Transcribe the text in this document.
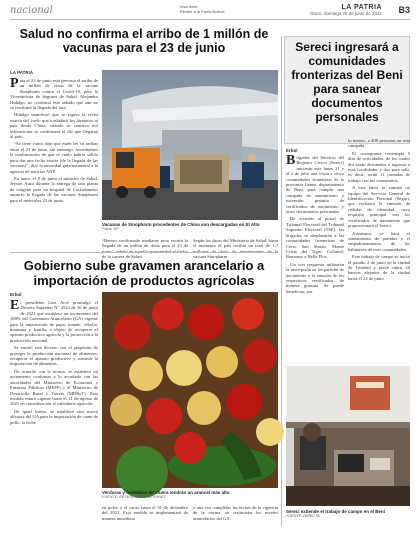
nacional	Inscríbete
Recibe a la Patria Bolivia
LA PATRIA
Oruro, domingo 20 de junio de 2021 B3
Salud no confirma el arribo de 1 millón de vacunas para el 23 de junio
LA PATRIA

Para el 23 de junio está prevista el arribo de un millón de dosis de la vacuna Sinopharm contra el Covid-19, pero la Viceministra de Seguros de Salud, Alejandra Hidalgo, no confirmó este sábado que aún no se confirmó la llegada del lote.

Hidalgo manifestó que se espera la fecha exacta del vuelo que trasladará los fármacos al país desde China, cuando se conozca esa información se confirmará el día que llegarán al país.

“Se tiene como dato que estén les va arribar entre el 23 de junio, sin embargo, necesitamos la confirmación de que el vuelo habría salido para dar una fecha exacta (de la llegada de las vacunas)”, dijo la autoridad gubernamental a la agencia de noticias ANF.

En tanto, el 8 de junio el ministro de Salud, Jeyson Auza durante la entrega de una planta de oxígeno para un hospital de Cochabamba, anunció la llegada de las vacunas Sinopharm para el miércoles 23 de junio.

Vacunas de Sinopharm procedentes de China son descargadas en El Alto
Fotos: AP

“Hemos confirmado mediante nota escrita la llegada de un millón de dosis para el 23 de de la cartera de Salud.

Según los datos del Ministerio de Salud, hasta el momento el país recibió un total de 1,7 vacuna Sinopharm.

Sereci ingresará a comunidades fronterizas del Beni para sanear documentos personales
Erbol

Brigadas del Servicio del Registro Cívico (Sereci) iniciarán este lunes 21 y el 2 de julio una visita a cinco comunidades fronterizas de la provincia Iténez, departamento de Beni, para cumplir una campaña de saneamiento y extensión gratuita de certificados de nacimiento y otros documentos personales.

De acuerdo al portal de Tribunal Electoral del Tribunal Supremo Electoral (TSE), las brigadas se desplazarán a las comunidades fronterizas de Cerro San Simón, Monte Cristo del Tigre, Colonial, Remanso y Bella Flor.

Un con respuesta utilizarán la inscripción en las partidas de nacimiento y la emisión de los respectivos certificados, de manera gratuita. Se puede beneficiar, por

lo menos, a 400 personas en esta campaña.

El cronograma contempla 5 días de actividades, de los cuales dos serán destinados a ingresar a esas localidades y dos para salir, es decir, serán 11 jornadas de trabajo con los comunarios.

A esta labor se sumará un equipo del Servicio General de Identificación Personal (Segip), que realizará la emisión de cédulas de identidad, cuyo requisito principal son los certificados de nacimiento que proporcionará el Sereci.

Asimismo, se hará el saneamiento de partidas y el empadronamiento de los habitantes de esas comunidades.

Este trabajo de campo se inició el pasado 2 de junio en la ciudad de Trinidad y prevé cubrir 20 barrios alejados de la ciudad hasta el 24 de junio.

Sereci extiende el trabajo de campo en el Beni
FUENTE: DIRECTA
Gobierno sube gravamen arancelario a importación de productos agrícolas
Erbol

El presidente Luis Arce promulgó el Decreto Supremo N° 4522 de 16 de junio de 2021 que establece un incremento del 100% del Gravamen Arancelario (GA) vigente para la importación de papa, tomate, cebolla, manzana y frutilla, a objeto de recuperar el aparato productivo agrícola y la protección a la producción nacional.

Se emitió este decreto con el propósito de proteger la producción nacional de alimentos, recuperar el aparato productivo y sustituir la importación de alimentos.

De acuerdo con la norma, se establece un incremento conforme a lo acordado con las autoridades del Ministerio de Economía y Finanzas Públicas (MEFP) y el Ministerio de Desarrollo Rural y Tierras (MDRyT). Esta medida estará vigente hasta el 31 de agosto de 2021 en consideración al calendario agrícola.

De igual forma, se establece una nueva alícuota del GA para la importación de carne de pollo, la leche

Verduras y hortalizas de afuera tendrán un arancel más alto
FUENTE: REFERENCIAL INTERNET

en polvo y el cacao hasta el 31 de diciembre del 2021. Esta medida se implementará de manera inmediata

y una vez cumplidas las fechas de la vigencia de la norma, se restituirán los niveles arancelarios del GA.
